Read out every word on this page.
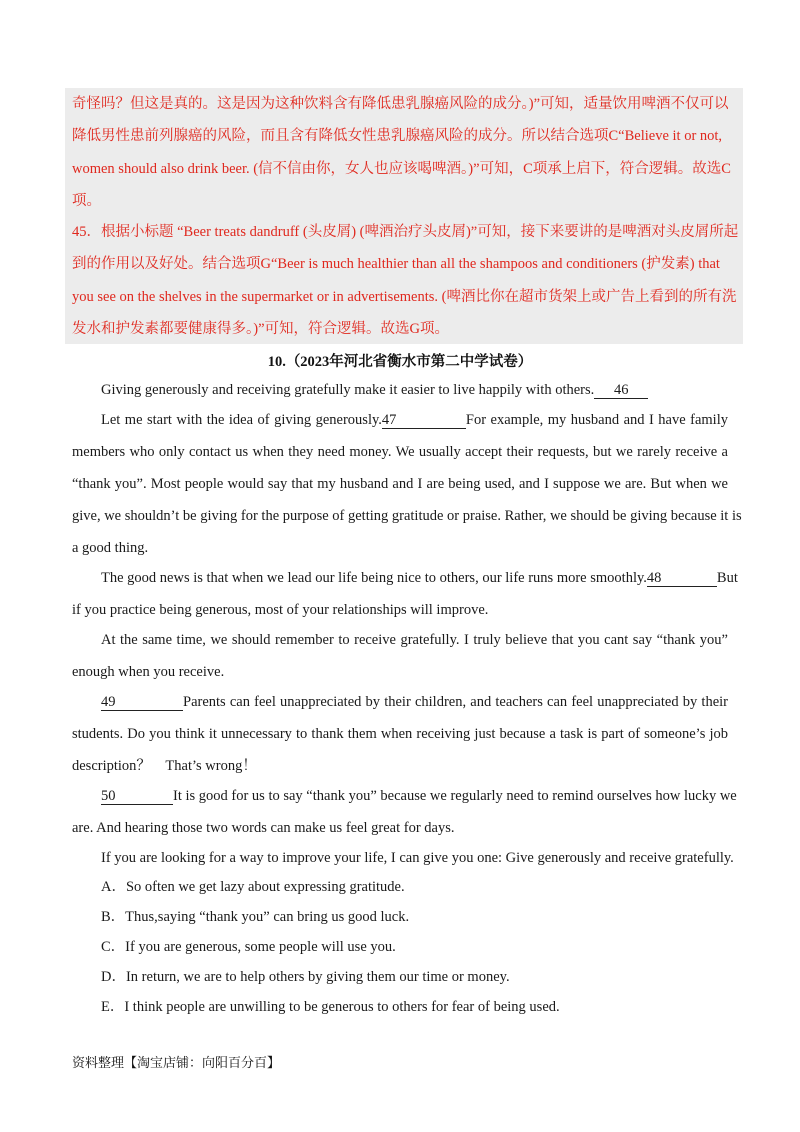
奇怪吗？但这是真的。这是因为这种饮料含有降低患乳腺癌风险的成分。)”可知，适量饮用啤酒不仅可以
降低男性患前列腺癌的风险，而且含有降低女性患乳腺癌风险的成分。所以结合选项C“Believe it or not,
women should also drink beer. (信不信由你，女人也应该喝啤酒。)”可知，C项承上启下，符合逻辑。故选C
项。
45．根据小标题 “Beer treats dandruff (头皮屑) (啤酒治疗头皮屑)”可知，接下来要讲的是啤酒对头皮屑所起
到的作用以及好处。结合选项G“Beer is much healthier than all the shampoos and conditioners (护发素) that
you see on the shelves in the supermarket or in advertisements. (啤酒比你在超市货架上或广告上看到的所有洗
发水和护发素都要健康得多。)”可知，符合逻辑。故选G项。
10.（2023年河北省衡水市第二中学试卷）
Giving generously and receiving gratefully make it easier to live happily with others. 46
Let me start with the idea of giving generously.47	For example, my husband and I have family
members who only contact us when they need money. We usually accept their requests, but we rarely receive a
“thank you”. Most people would say that my husband and I are being used, and I suppose we are. But when we
give, we shouldn’t be giving for the purpose of getting gratitude or praise. Rather, we should be giving because it is
a good thing.
The good news is that when we lead our life being nice to others, our life runs more smoothly.48	But
if you practice being generous, most of your relationships will improve.
At the same time, we should remember to receive gratefully. I truly believe that you cant say “thank you”
enough when you receive.
49	Parents can feel unappreciated by their children, and teachers can feel unappreciated by their
students. Do you think it unnecessary to thank them when receiving just because a task is part of someone’s job
description？　That’s wrong！
50	It is good for us to say “thank you” because we regularly need to remind ourselves how lucky we
are. And hearing those two words can make us feel great for days.
If you are looking for a way to improve your life, I can give you one: Give generously and receive gratefully.
A．So often we get lazy about expressing gratitude.
B．Thus,saying “thank you” can bring us good luck.
C．If you are generous, some people will use you.
D．In return, we are to help others by giving them our time or money.
E．I think people are unwilling to be generous to others for fear of being used.
资料整理【淘宝店铺：向阳百分百】
